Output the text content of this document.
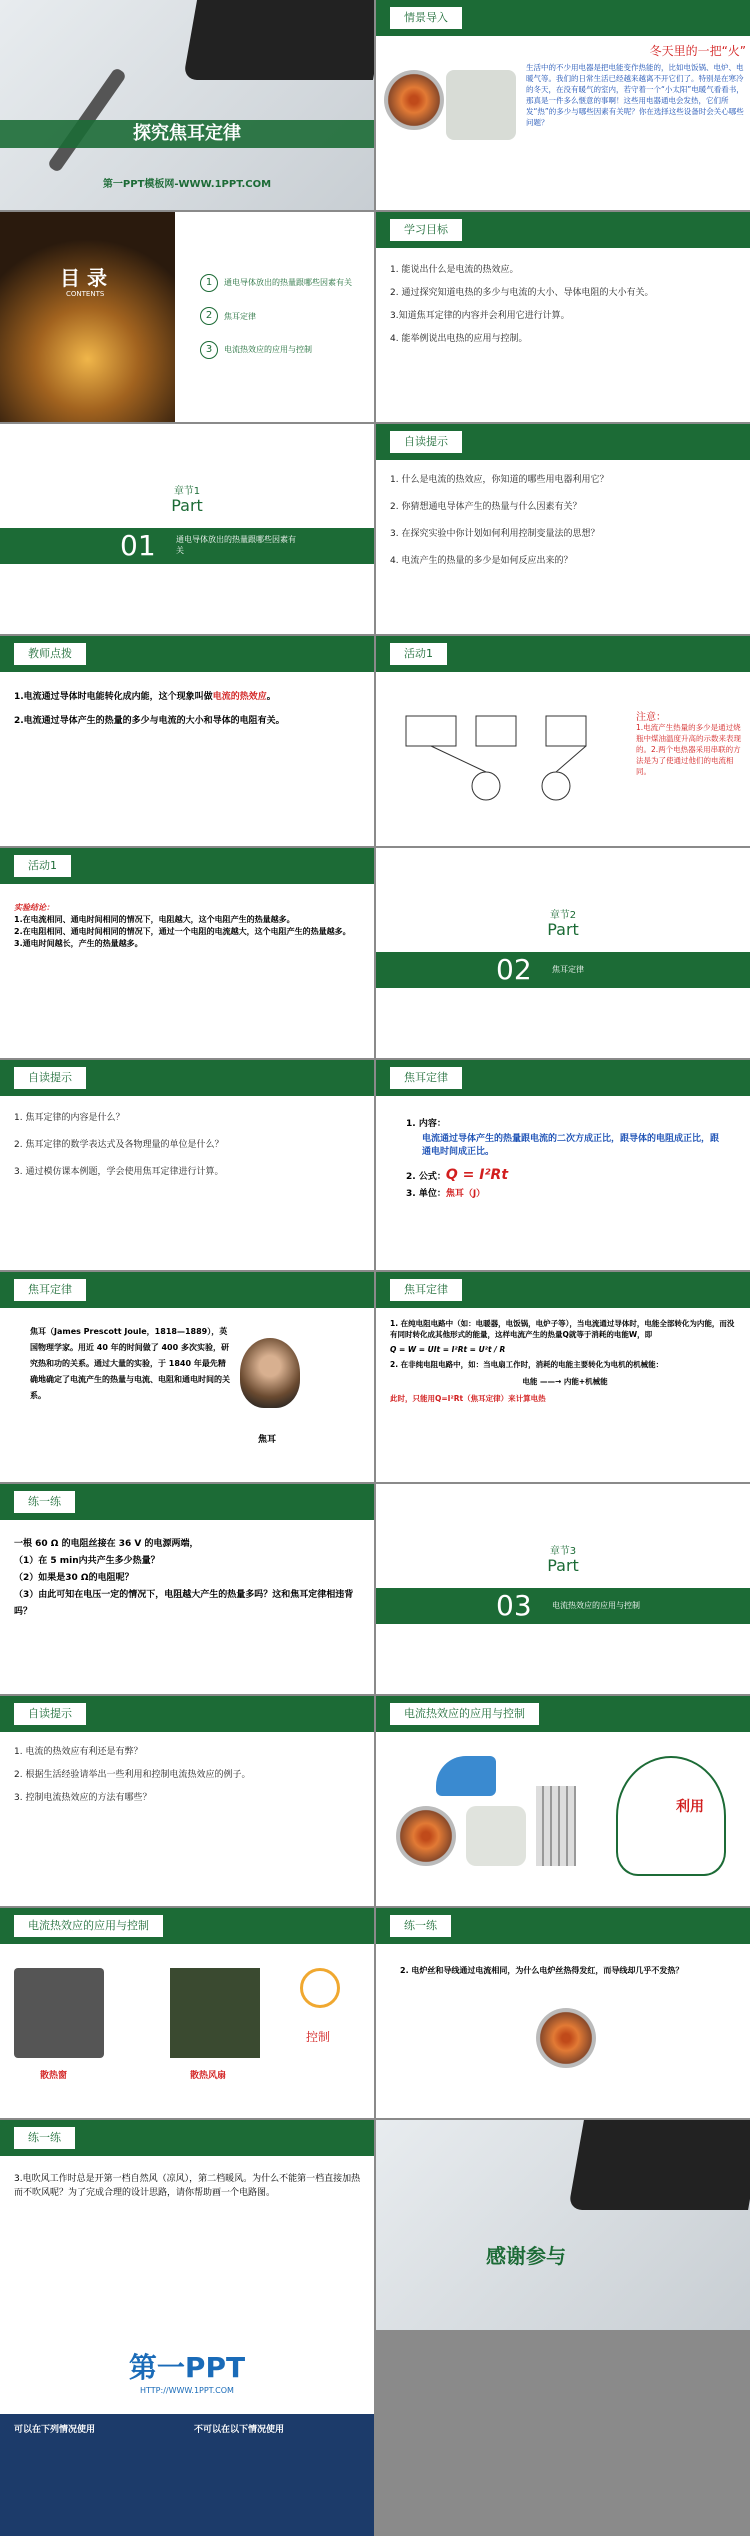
探究焦耳定律
第一PPT模板网-WWW.1PPT.COM
情景导入
冬天里的一把“火”
生活中的不少用电器是把电能变作热能的，比如电饭锅、电炉、电暖气等。我们的日常生活已经越来越离不开它们了。特别是在寒冷的冬天，在没有暖气的室内，若守着一个“小太阳”电暖气看看书，那真是一件多么惬意的事啊！这些用电器通电会发热，它们所发“热”的多少与哪些因素有关呢？你在选择这些设备时会关心哪些问题？
目 录
CONTENTS
1 通电导体放出的热量跟哪些因素有关
2 焦耳定律
3 电流热效应的应用与控制
学习目标

1. 能说出什么是电流的热效应。

2. 通过探究知道电热的多少与电流的大小、导体电阻的大小有关。

3.知道焦耳定律的内容并会利用它进行计算。

4. 能举例说出电热的应用与控制。

章节1
Part
01	通电导体放出的热量跟哪些因素有关
自读提示

1. 什么是电流的热效应，你知道的哪些用电器利用它？

2. 你猜想通电导体产生的热量与什么因素有关？

3. 在探究实验中你计划如何利用控制变量法的思想？

4. 电流产生的热量的多少是如何反应出来的？

教师点拨

1.电流通过导体时电能转化成内能，这个现象叫做电流的热效应。

2.电流通过导体产生的热量的多少与电流的大小和导体的电阻有关。

活动1
注意：
1.电流产生热量的多少是通过烧瓶中煤油温度升高的示数来表现的。2.两个电热器采用串联的方法是为了使通过他们的电流相同。
活动1

实验结论：

1.在电流相同、通电时间相同的情况下，电阻越大，这个电阻产生的热量越多。

2.在电阻相同、通电时间相同的情况下，通过一个电阻的电流越大，这个电阻产生的热量越多。

3.通电时间越长，产生的热量越多。

章节2
Part
02	焦耳定律
自读提示

1. 焦耳定律的内容是什么？

2. 焦耳定律的数学表达式及各物理量的单位是什么？

3. 通过模仿课本例题，学会使用焦耳定律进行计算。

焦耳定律

1. 内容：

电流通过导体产生的热量跟电流的二次方成正比，跟导体的电阻成正比，跟通电时间成正比。

2. 公式：Q = I²Rt

3. 单位：焦耳（J）

焦耳定律
焦耳（James Prescott Joule，1818—1889），英国物理学家。用近 40 年的时间做了 400 多次实验，研究热和功的关系。通过大量的实验，于 1840 年最先精确地确定了电流产生的热量与电流、电阻和通电时间的关系。
焦耳
焦耳定律

1. 在纯电阻电路中（如：电暖器，电饭锅，电炉子等），当电流通过导体时，电能全部转化为内能，而没有同时转化成其他形式的能量，这样电流产生的热量Q就等于消耗的电能W，即

Q = W = UIt = I²Rt = U²t / R

2. 在非纯电阻电路中，如：当电扇工作时，消耗的电能主要转化为电机的机械能：

电能 ——→ 内能+机械能

此时，只能用Q=I²Rt（焦耳定律）来计算电热

练一练

一根 60 Ω 的电阻丝接在 36 V 的电源两端，

（1）在 5 min内共产生多少热量？

（2）如果是30 Ω的电阻呢？

（3）由此可知在电压一定的情况下，电阻越大产生的热量多吗？这和焦耳定律相违背吗？

章节3
Part
03	电流热效应的应用与控制
自读提示

1. 电流的热效应有利还是有弊？

2. 根据生活经验请举出一些利用和控制电流热效应的例子。

3. 控制电流热效应的方法有哪些？

电流热效应的应用与控制
利用
电流热效应的应用与控制
散热窗	散热风扇
控制
练一练
2. 电炉丝和导线通过电流相同，为什么电炉丝热得发红，而导线却几乎不发热？
练一练
3.电吹风工作时总是开第一档自然风（凉风），第二档暖风。为什么不能第一档直接加热而不吹风呢？为了完成合理的设计思路，请你帮助画一个电路图。
感谢参与
第一PPT
HTTP://WWW.1PPT.COM
可以在下列情况使用	不可以在以下情况使用
